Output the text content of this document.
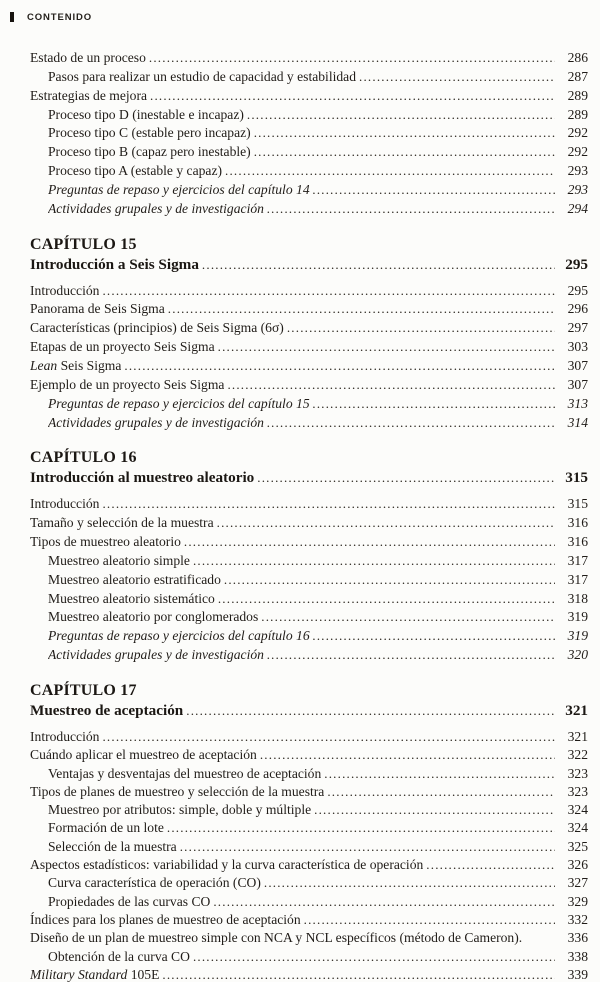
CONTENIDO
Estado de un proceso .....	286
Pasos para realizar un estudio de capacidad y estabilidad .....	287
Estrategias de mejora .....	289
Proceso tipo D (inestable e incapaz) .....	289
Proceso tipo C (estable pero incapaz) .....	292
Proceso tipo B (capaz pero inestable) .....	292
Proceso tipo A (estable y capaz) .....	293
Preguntas de repaso y ejercicios del capítulo 14 .....	293
Actividades grupales y de investigación .....	294
CAPÍTULO 15
Introducción a Seis Sigma .....	295
Introducción .....	295
Panorama de Seis Sigma .....	296
Características (principios) de Seis Sigma (6σ) .....	297
Etapas de un proyecto Seis Sigma .....	303
Lean Seis Sigma .....	307
Ejemplo de un proyecto Seis Sigma .....	307
Preguntas de repaso y ejercicios del capítulo 15 .....	313
Actividades grupales y de investigación .....	314
CAPÍTULO 16
Introducción al muestreo aleatorio .....	315
Introducción .....	315
Tamaño y selección de la muestra .....	316
Tipos de muestreo aleatorio .....	316
Muestreo aleatorio simple .....	317
Muestreo aleatorio estratificado .....	317
Muestreo aleatorio sistemático .....	318
Muestreo aleatorio por conglomerados .....	319
Preguntas de repaso y ejercicios del capítulo 16 .....	319
Actividades grupales y de investigación .....	320
CAPÍTULO 17
Muestreo de aceptación .....	321
Introducción .....	321
Cuándo aplicar el muestreo de aceptación .....	322
Ventajas y desventajas del muestreo de aceptación .....	323
Tipos de planes de muestreo y selección de la muestra .....	323
Muestreo por atributos: simple, doble y múltiple .....	324
Formación de un lote .....	324
Selección de la muestra .....	325
Aspectos estadísticos: variabilidad y la curva característica de operación .....	326
Curva característica de operación (CO) .....	327
Propiedades de las curvas CO .....	329
Índices para los planes de muestreo de aceptación .....	332
Diseño de un plan de muestreo simple con NCA y NCL específicos (método de Cameron).	336
Obtención de la curva CO .....	338
Military Standard 105E .....	339
